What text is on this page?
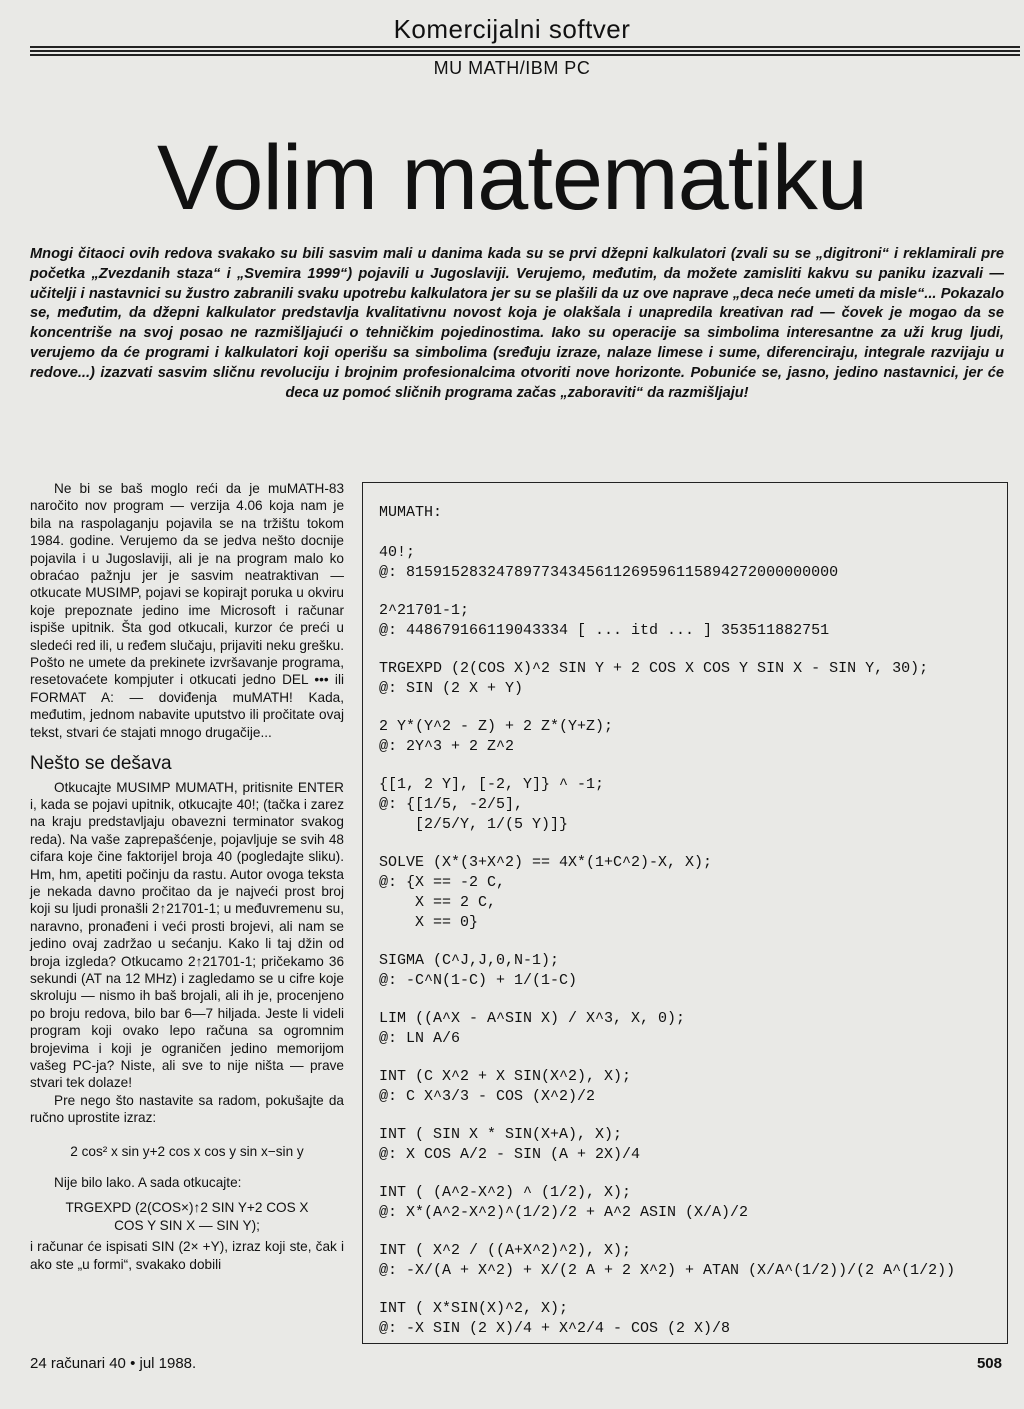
Komercijalni softver
MU MATH/IBM PC
Volim matematiku

Mnogi čitaoci ovih redova svakako su bili sasvim mali u danima kada su se prvi džepni kalkulatori (zvali su se „digitroni“ i reklamirali pre početka „Zvezdanih staza“ i „Svemira 1999“) pojavili u Jugoslaviji. Verujemo, međutim, da možete zamisliti kakvu su paniku izazvali — učitelji i nastavnici su žustro zabranili svaku upotrebu kalkulatora jer su se plašili da uz ove naprave „deca neće umeti da misle“... Pokazalo se, međutim, da džepni kalkulator predstavlja kvalitativnu novost koja je olakšala i unapredila kreativan rad — čovek je mogao da se koncentriše na svoj posao ne razmišljajući o tehničkim pojedinostima. Iako su operacije sa simbolima interesantne za uži krug ljudi, verujemo da će programi i kalkulatori koji operišu sa simbolima (sređuju izraze, nalaze limese i sume, diferenciraju, integrale razvijaju u redove...) izazvati sasvim sličnu revoluciju i brojnim profesionalcima otvoriti nove horizonte. Pobuniće se, jasno, jedino nastavnici, jer će deca uz pomoć sličnih programa začas „zaboraviti“ da razmišljaju!

Ne bi se baš moglo reći da je muMATH-83 naročito nov program — verzija 4.06 koja nam je bila na raspolaganju pojavila se na tržištu tokom 1984. godine. Verujemo da se jedva nešto docnije pojavila i u Jugoslaviji, ali je na program malo ko obraćao pažnju jer je sasvim neatraktivan — otkucate MUSIMP, pojavi se kopirajt poruka u okviru koje prepoznate jedino ime Microsoft i računar ispiše upitnik. Šta god otkucali, kurzor će preći u sledeći red ili, u ređem slučaju, prijaviti neku grešku. Pošto ne umete da prekinete izvršavanje programa, resetovaćete kompjuter i otkucati jedno DEL ••• ili FORMAT A: — doviđenja muMATH! Kada, međutim, jednom nabavite uputstvo ili pročitate ovaj tekst, stvari će stajati mnogo drugačije...

Nešto se dešava

Otkucajte MUSIMP MUMATH, pritisnite ENTER i, kada se pojavi upitnik, otkucajte 40!; (tačka i zarez na kraju predstavljaju obavezni terminator svakog reda). Na vaše zaprepašćenje, pojavljuje se svih 48 cifara koje čine faktorijel broja 40 (pogledajte sliku). Hm, hm, apetiti počinju da rastu. Autor ovoga teksta je nekada davno pročitao da je najveći prost broj koji su ljudi pronašli 2↑21701-1; u međuvremenu su, naravno, pronađeni i veći prosti brojevi, ali nam se jedino ovaj zadržao u sećanju. Kako li taj džin od broja izgleda? Otkucamo 2↑21701-1; pričekamo 36 sekundi (AT na 12 MHz) i zagledamo se u cifre koje skroluju — nismo ih baš brojali, ali ih je, procenjeno po broju redova, bilo bar 6—7 hiljada. Jeste li videli program koji ovako lepo računa sa ogromnim brojevima i koji je ograničen jedino memorijom vašeg PC-ja? Niste, ali sve to nije ništa — prave stvari tek dolaze!

Pre nego što nastavite sa radom, pokušajte da ručno uprostite izraz:

2 cos² x sin y+2 cos x cos y sin x−sin y

Nije bilo lako. A sada otkucajte:

TRGEXPD (2(COS×)↑2 SIN Y+2 COS X

COS Y SIN X — SIN Y);

i računar će ispisati SIN (2× +Y), izraz koji ste, čak i ako ste „u formi“, svakako dobili

MUMATH:
40!;
@: 815915283247897734345611269596115894272000000000
2^21701-1;
@: 448679166119043334 [ ... itd ... ] 353511882751
TRGEXPD (2(COS X)^2 SIN Y + 2 COS X COS Y SIN X - SIN Y, 30);
@: SIN (2 X + Y)
2 Y*(Y^2 - Z) + 2 Z*(Y+Z);
@: 2Y^3 + 2 Z^2
{[1, 2 Y], [-2, Y]} ^ -1;
@: {[1/5, -2/5],
[2/5/Y, 1/(5 Y)]}
SOLVE (X*(3+X^2) == 4X*(1+C^2)-X, X);
@: {X == -2 C,
X == 2 C,
X == 0}
SIGMA (C^J,J,0,N-1);
@: -C^N(1-C) + 1/(1-C)
LIM ((A^X - A^SIN X) / X^3, X, 0);
@: LN A/6
INT (C X^2 + X SIN(X^2), X);
@: C X^3/3 - COS (X^2)/2
INT ( SIN X * SIN(X+A), X);
@: X COS A/2 - SIN (A + 2X)/4
INT ( (A^2-X^2) ^ (1/2), X);
@: X*(A^2-X^2)^(1/2)/2 + A^2 ASIN (X/A)/2
INT ( X^2 / ((A+X^2)^2), X);
@: -X/(A + X^2) + X/(2 A + 2 X^2) + ATAN (X/A^(1/2))/(2 A^(1/2))
INT ( X*SIN(X)^2, X);
@: -X SIN (2 X)/4 + X^2/4 - COS (2 X)/8
24 računari 40 • jul 1988.	508
